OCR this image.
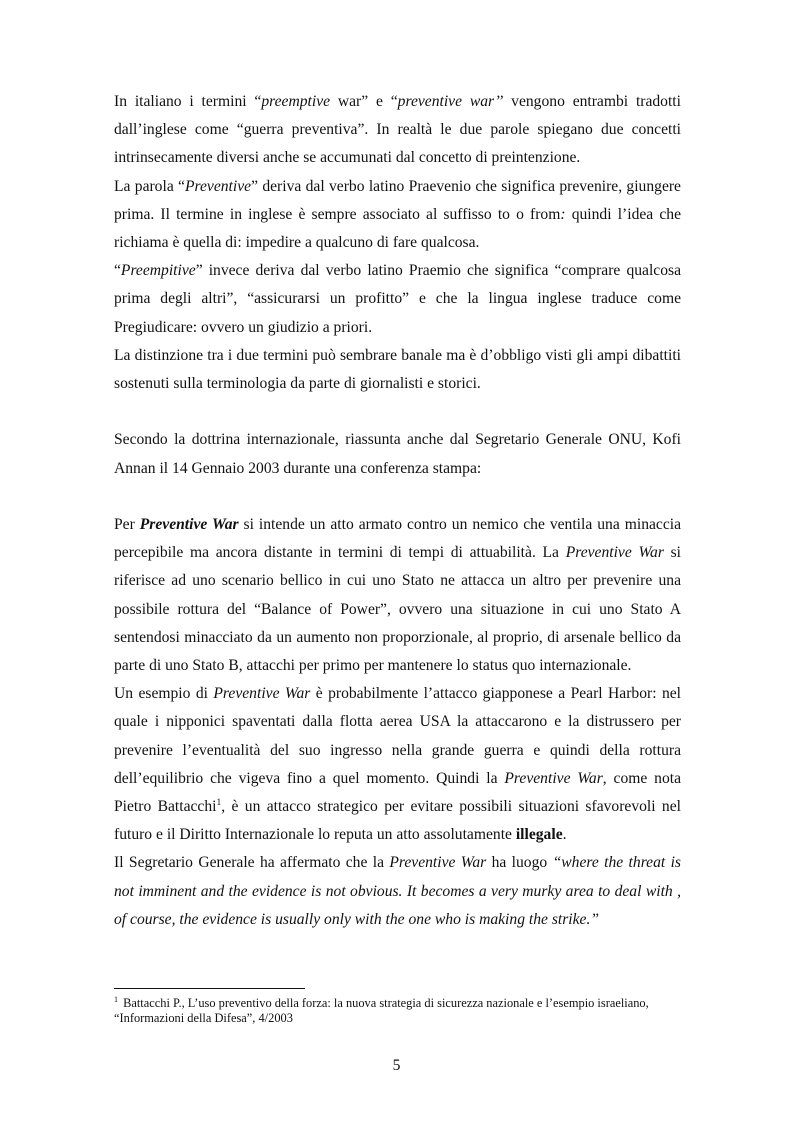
In italiano i termini “preemptive war” e “preventive war’’ vengono entrambi tradotti dall’inglese come “guerra preventiva”. In realtà le due parole spiegano due concetti intrinsecamente diversi anche se accumunati dal concetto di preintenzione.

La parola “Preventive” deriva dal verbo latino Praevenio che significa prevenire, giungere prima. Il termine in inglese è sempre associato al suffisso to o from: quindi l’idea che richiama è quella di: impedire a qualcuno di fare qualcosa.

“Preempitive” invece deriva dal verbo latino Praemio che significa “comprare qualcosa prima degli altri”, “assicurarsi un profitto” e che la lingua inglese traduce come Pregiudicare: ovvero un giudizio a priori.

La distinzione tra i due termini può sembrare banale ma è d’obbligo visti gli ampi dibattiti sostenuti sulla terminologia da parte di giornalisti e storici.

Secondo la dottrina internazionale, riassunta anche dal Segretario Generale ONU, Kofi Annan il 14 Gennaio 2003 durante una conferenza stampa:

Per Preventive War si intende un atto armato contro un nemico che ventila una minaccia percepibile ma ancora distante in termini di tempi di attuabilità. La Preventive War si riferisce ad uno scenario bellico in cui uno Stato ne attacca un altro per prevenire una possibile rottura del “Balance of Power”, ovvero una situazione in cui uno Stato A sentendosi minacciato da un aumento non proporzionale, al proprio, di arsenale bellico da parte di uno Stato B, attacchi per primo per mantenere lo status quo internazionale.

Un esempio di Preventive War è probabilmente l’attacco giapponese a Pearl Harbor: nel quale i nipponici spaventati dalla flotta aerea USA la attaccarono e la distrussero per prevenire l’eventualità del suo ingresso nella grande guerra e quindi della rottura dell’equilibrio che vigeva fino a quel momento. Quindi la Preventive War, come nota Pietro Battacchi$^1$, è un attacco strategico per evitare possibili situazioni sfavorevoli nel futuro e il Diritto Internazionale lo reputa un atto assolutamente illegale.

Il Segretario Generale ha affermato che la Preventive War ha luogo “where the threat is not imminent and the evidence is not obvious. It becomes a very murky area to deal with , of course, the evidence is usually only with the one who is making the strike.”

$^1$ Battacchi P., L’uso preventivo della forza: la nuova strategia di sicurezza nazionale e l’esempio israeliano, “Informazioni della Difesa”, 4/2003
5
